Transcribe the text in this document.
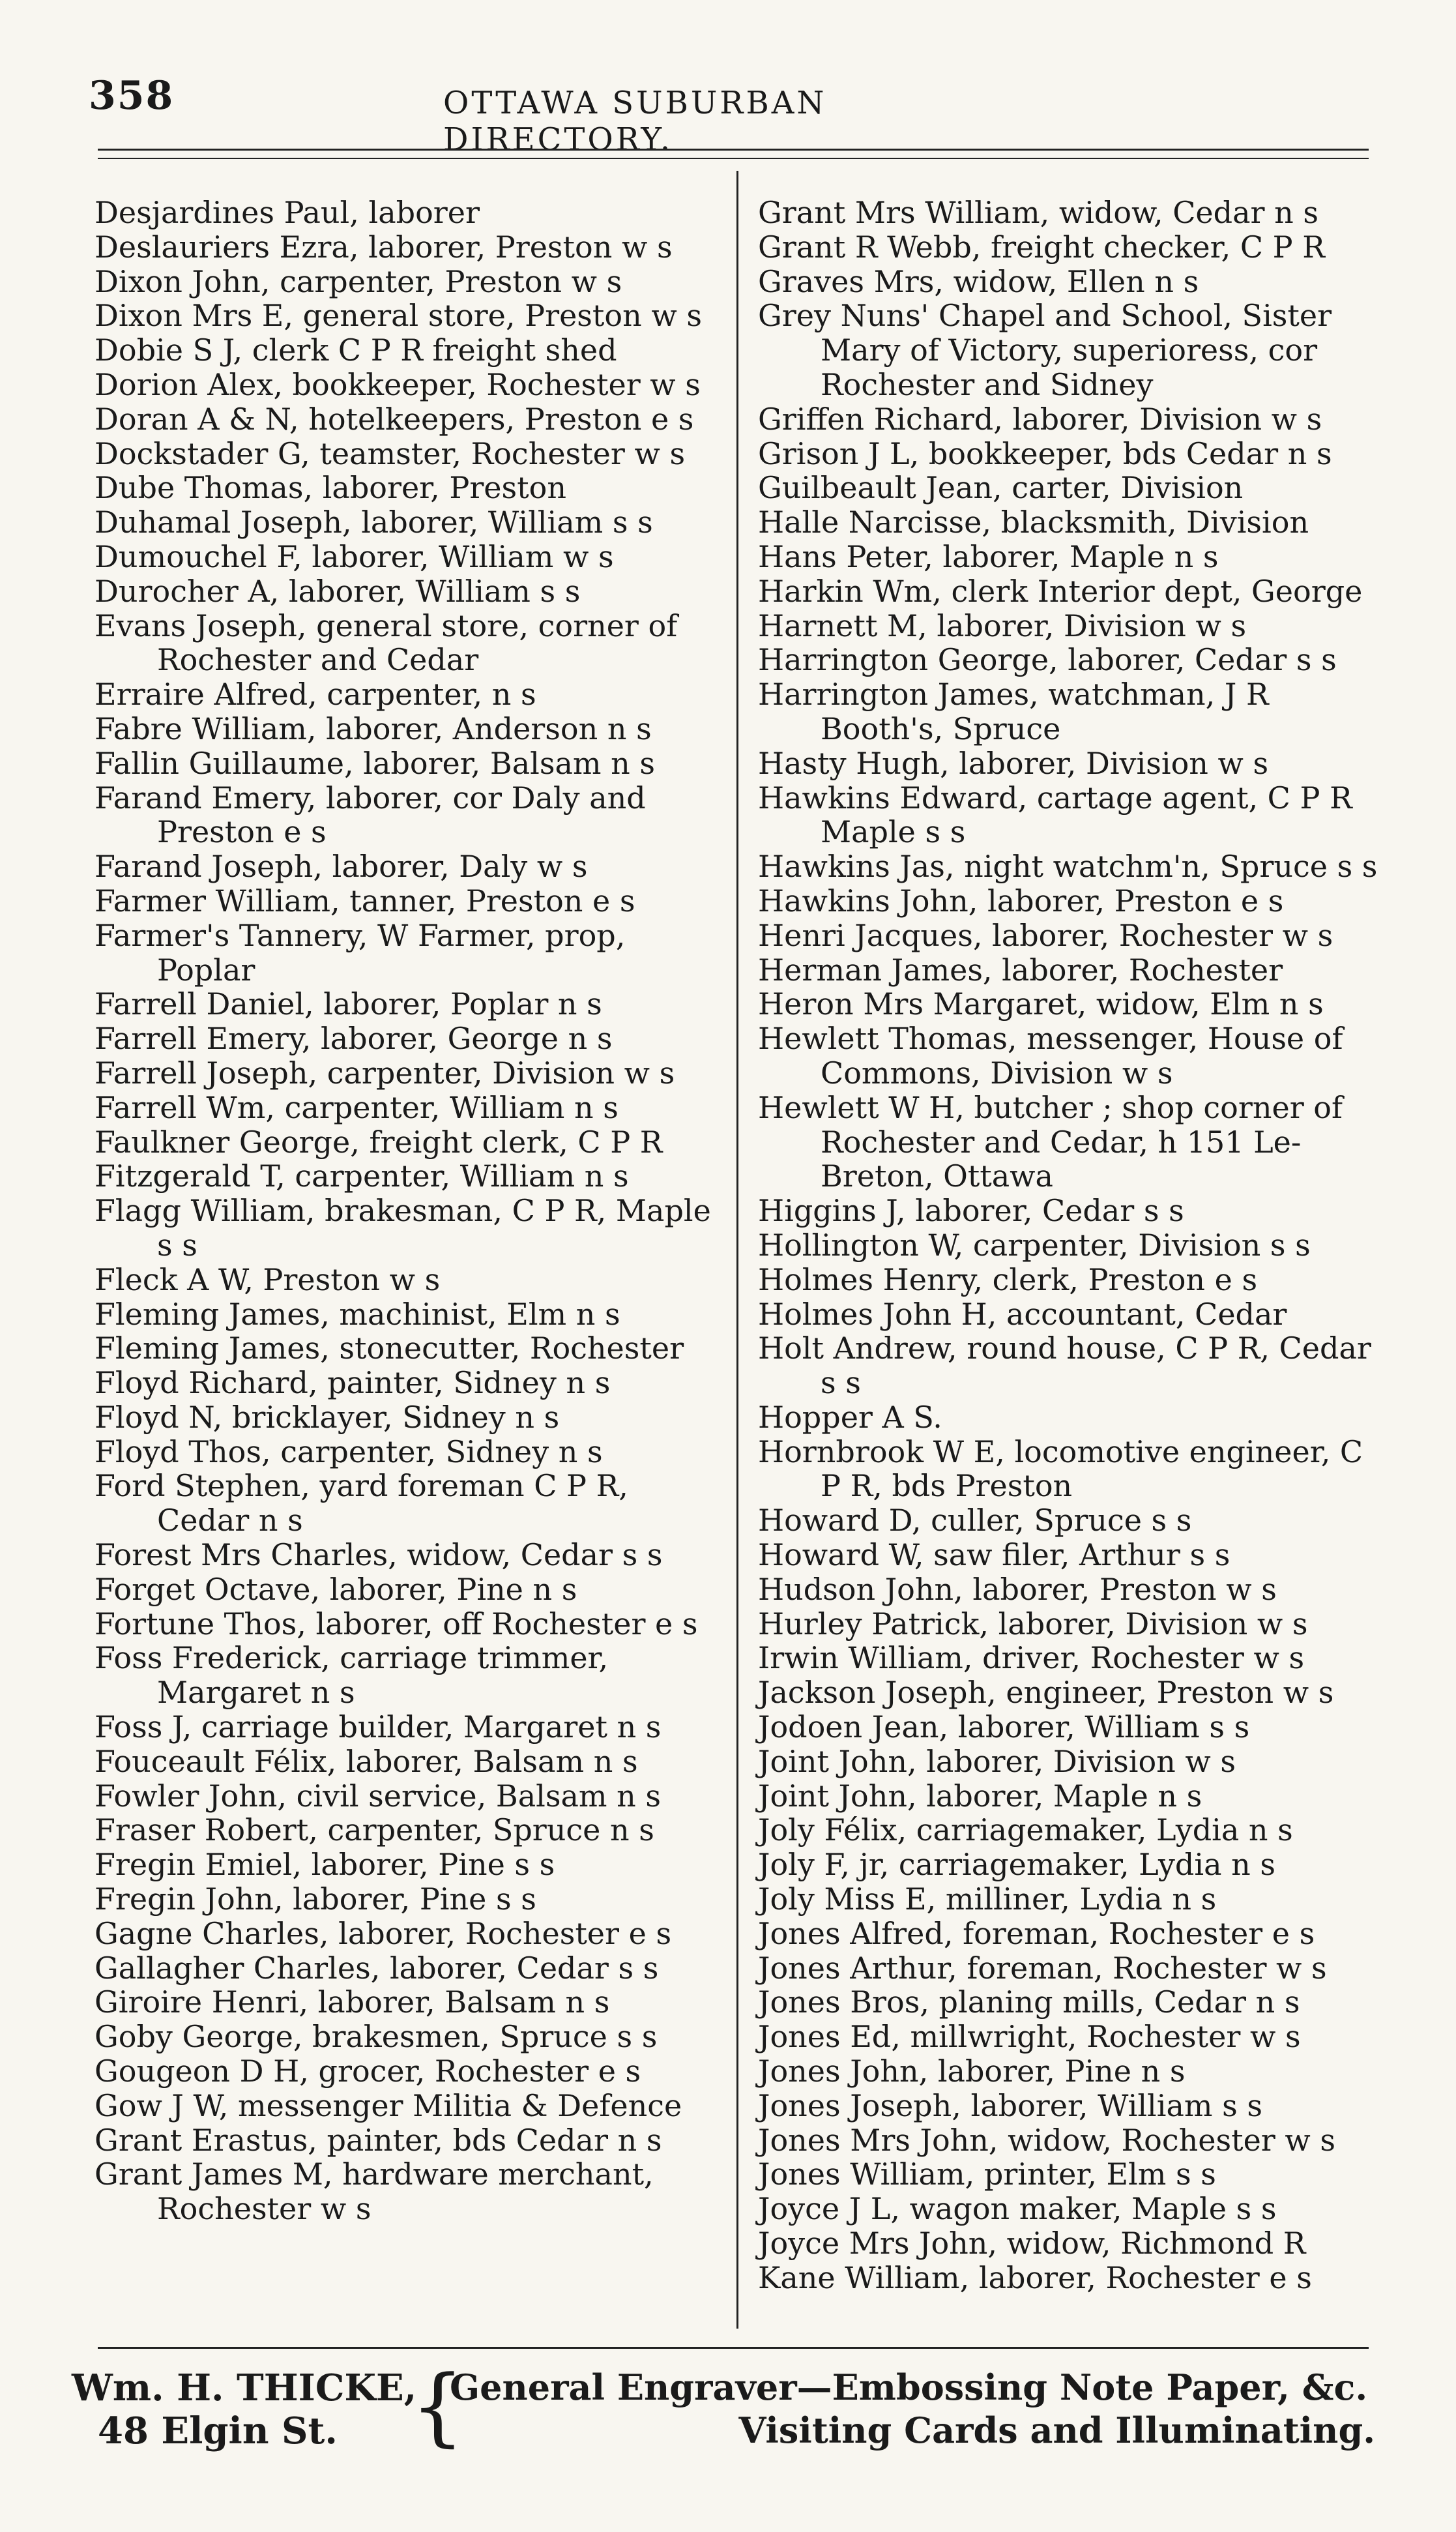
358	OTTAWA SUBURBAN DIRECTORY.

Desjardines Paul, laborer

Deslauriers Ezra, laborer, Preston w s

Dixon John, carpenter, Preston w s

Dixon Mrs E, general store, Preston w s

Dobie S J, clerk C P R freight shed

Dorion Alex, bookkeeper, Rochester w s

Doran A & N, hotelkeepers, Preston e s

Dockstader G, teamster, Rochester w s

Dube Thomas, laborer, Preston

Duhamal Joseph, laborer, William s s

Dumouchel F, laborer, William w s

Durocher A, laborer, William s s

Evans Joseph, general store, corner of Rochester and Cedar

Erraire Alfred, carpenter, n s

Fabre William, laborer, Anderson n s

Fallin Guillaume, laborer, Balsam n s

Farand Emery, laborer, cor Daly and Preston e s

Farand Joseph, laborer, Daly w s

Farmer William, tanner, Preston e s

Farmer's Tannery, W Farmer, prop, Poplar

Farrell Daniel, laborer, Poplar n s

Farrell Emery, laborer, George n s

Farrell Joseph, carpenter, Division w s

Farrell Wm, carpenter, William n s

Faulkner George, freight clerk, C P R

Fitzgerald T, carpenter, William n s

Flagg William, brakesman, C P R, Maple s s

Fleck A W, Preston w s

Fleming James, machinist, Elm n s

Fleming James, stonecutter, Rochester

Floyd Richard, painter, Sidney n s

Floyd N, bricklayer, Sidney n s

Floyd Thos, carpenter, Sidney n s

Ford Stephen, yard foreman C P R, Cedar n s

Forest Mrs Charles, widow, Cedar s s

Forget Octave, laborer, Pine n s

Fortune Thos, laborer, off Rochester e s

Foss Frederick, carriage trimmer, Margaret n s

Foss J, carriage builder, Margaret n s

Fouceault Félix, laborer, Balsam n s

Fowler John, civil service, Balsam n s

Fraser Robert, carpenter, Spruce n s

Fregin Emiel, laborer, Pine s s

Fregin John, laborer, Pine s s

Gagne Charles, laborer, Rochester e s

Gallagher Charles, laborer, Cedar s s

Giroire Henri, laborer, Balsam n s

Goby George, brakesmen, Spruce s s

Gougeon D H, grocer, Rochester e s

Gow J W, messenger Militia & Defence

Grant Erastus, painter, bds Cedar n s

Grant James M, hardware merchant, Rochester w s

Grant Mrs William, widow, Cedar n s

Grant R Webb, freight checker, C P R

Graves Mrs, widow, Ellen n s

Grey Nuns' Chapel and School, Sister Mary of Victory, superioress, cor Rochester and Sidney

Griffen Richard, laborer, Division w s

Grison J L, bookkeeper, bds Cedar n s

Guilbeault Jean, carter, Division

Halle Narcisse, blacksmith, Division

Hans Peter, laborer, Maple n s

Harkin Wm, clerk Interior dept, George

Harnett M, laborer, Division w s

Harrington George, laborer, Cedar s s

Harrington James, watchman, J R Booth's, Spruce

Hasty Hugh, laborer, Division w s

Hawkins Edward, cartage agent, C P R Maple s s

Hawkins Jas, night watchm'n, Spruce s s

Hawkins John, laborer, Preston e s

Henri Jacques, laborer, Rochester w s

Herman James, laborer, Rochester

Heron Mrs Margaret, widow, Elm n s

Hewlett Thomas, messenger, House of Commons, Division w s

Hewlett W H, butcher ; shop corner of Rochester and Cedar, h 151 Le-Breton, Ottawa

Higgins J, laborer, Cedar s s

Hollington W, carpenter, Division s s

Holmes Henry, clerk, Preston e s

Holmes John H, accountant, Cedar

Holt Andrew, round house, C P R, Cedar s s

Hopper A S.

Hornbrook W E, locomotive engineer, C P R, bds Preston

Howard D, culler, Spruce s s

Howard W, saw filer, Arthur s s

Hudson John, laborer, Preston w s

Hurley Patrick, laborer, Division w s

Irwin William, driver, Rochester w s

Jackson Joseph, engineer, Preston w s

Jodoen Jean, laborer, William s s

Joint John, laborer, Division w s

Joint John, laborer, Maple n s

Joly Félix, carriagemaker, Lydia n s

Joly F, jr, carriagemaker, Lydia n s

Joly Miss E, milliner, Lydia n s

Jones Alfred, foreman, Rochester e s

Jones Arthur, foreman, Rochester w s

Jones Bros, planing mills, Cedar n s

Jones Ed, millwright, Rochester w s

Jones John, laborer, Pine n s

Jones Joseph, laborer, William s s

Jones Mrs John, widow, Rochester w s

Jones William, printer, Elm s s

Joyce J L, wagon maker, Maple s s

Joyce Mrs John, widow, Richmond R

Kane William, laborer, Rochester e s

Wm. H. THICKE,
48 Elgin St. {
General Engraver—Embossing Note Paper, &c.
Visiting Cards and Illuminating.
